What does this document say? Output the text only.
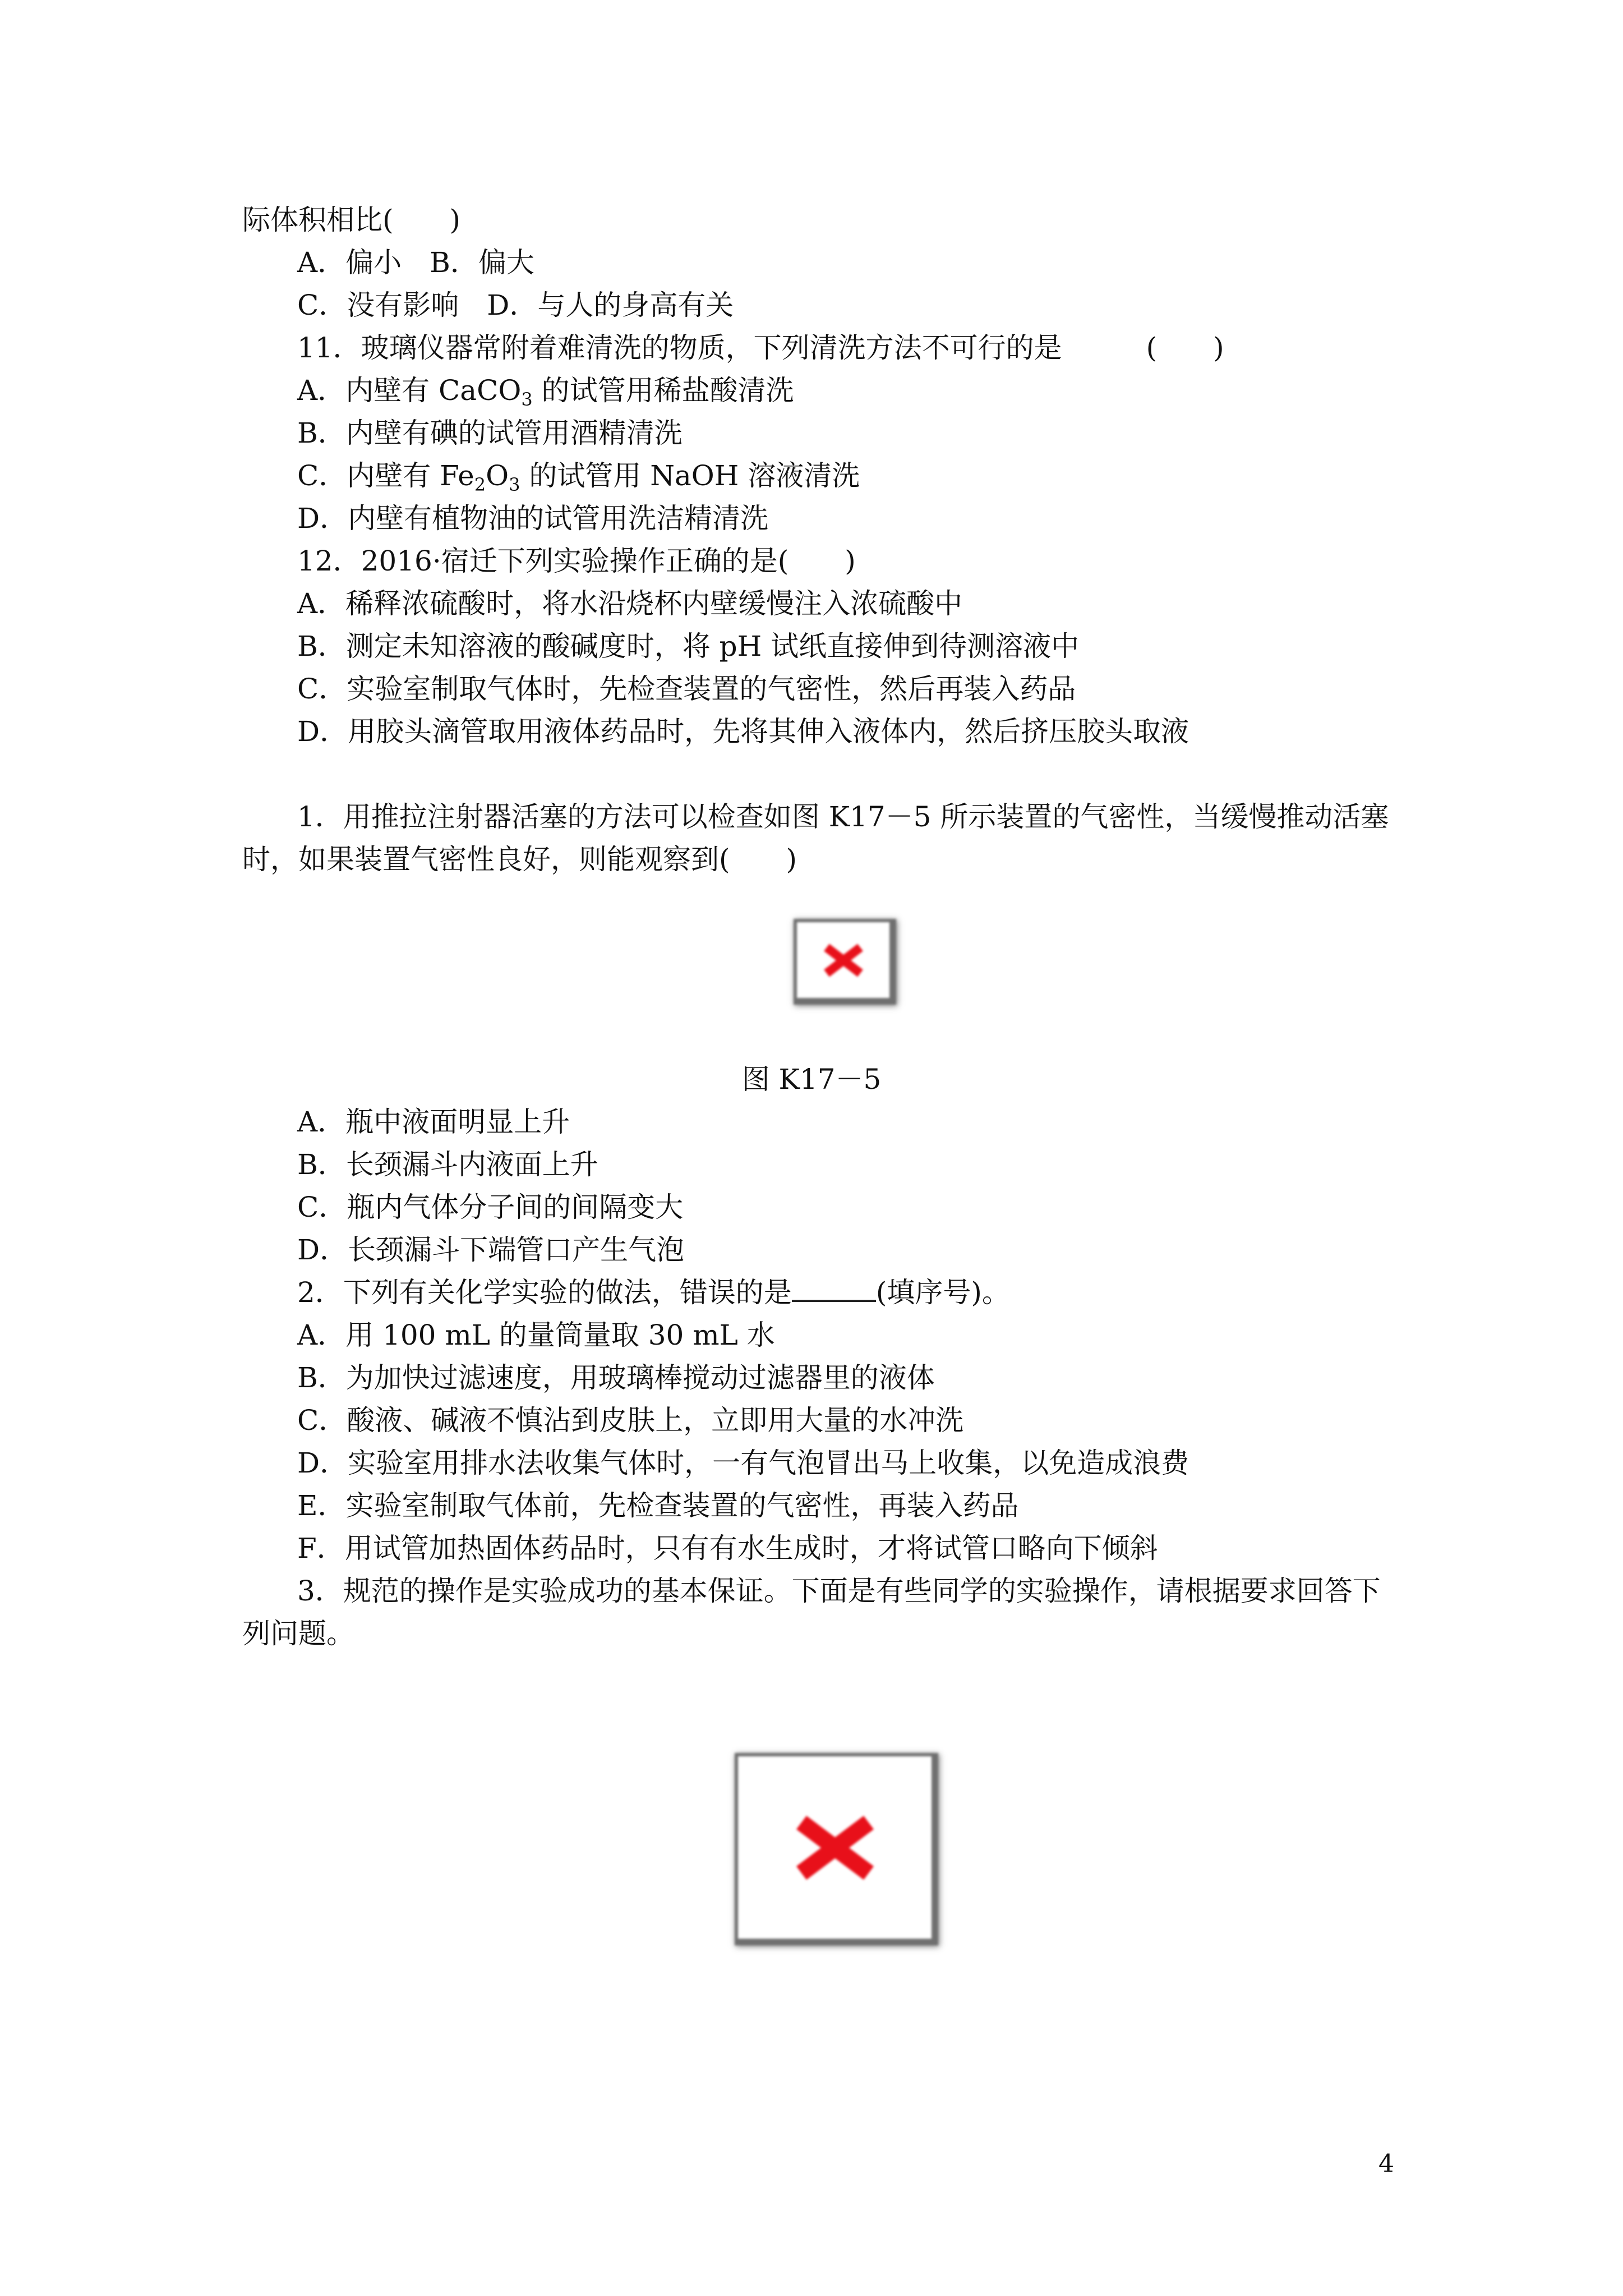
际体积相比(　　)
A．偏小　B．偏大
C．没有影响　D．与人的身高有关
11．玻璃仪器常附着难清洗的物质，下列清洗方法不可行的是　　　(　　)
A．内壁有 CaCO$_3$ 的试管用稀盐酸清洗
B．内壁有碘的试管用酒精清洗
C．内壁有 $Fe_2O_3$ 的试管用 NaOH 溶液清洗
D．内壁有植物油的试管用洗洁精清洗
12．2016·宿迁下列实验操作正确的是(　　)
A．稀释浓硫酸时，将水沿烧杯内壁缓慢注入浓硫酸中
B．测定未知溶液的酸碱度时，将 pH 试纸直接伸到待测溶液中
C．实验室制取气体时，先检查装置的气密性，然后再装入药品
D．用胶头滴管取用液体药品时，先将其伸入液体内，然后挤压胶头取液
1．用推拉注射器活塞的方法可以检查如图 K17－5 所示装置的气密性，当缓慢推动活塞
时，如果装置气密性良好，则能观察到(　　)
图 K17－5
A．瓶中液面明显上升
B．长颈漏斗内液面上升
C．瓶内气体分子间的间隔变大
D．长颈漏斗下端管口产生气泡
2．下列有关化学实验的做法，错误的是	(填序号)。
A．用 100 mL 的量筒量取 30 mL 水
B．为加快过滤速度，用玻璃棒搅动过滤器里的液体
C．酸液、碱液不慎沾到皮肤上，立即用大量的水冲洗
D．实验室用排水法收集气体时，一有气泡冒出马上收集，以免造成浪费
E．实验室制取气体前，先检查装置的气密性，再装入药品
F．用试管加热固体药品时，只有有水生成时，才将试管口略向下倾斜
3．规范的操作是实验成功的基本保证。下面是有些同学的实验操作，请根据要求回答下
列问题。
4
